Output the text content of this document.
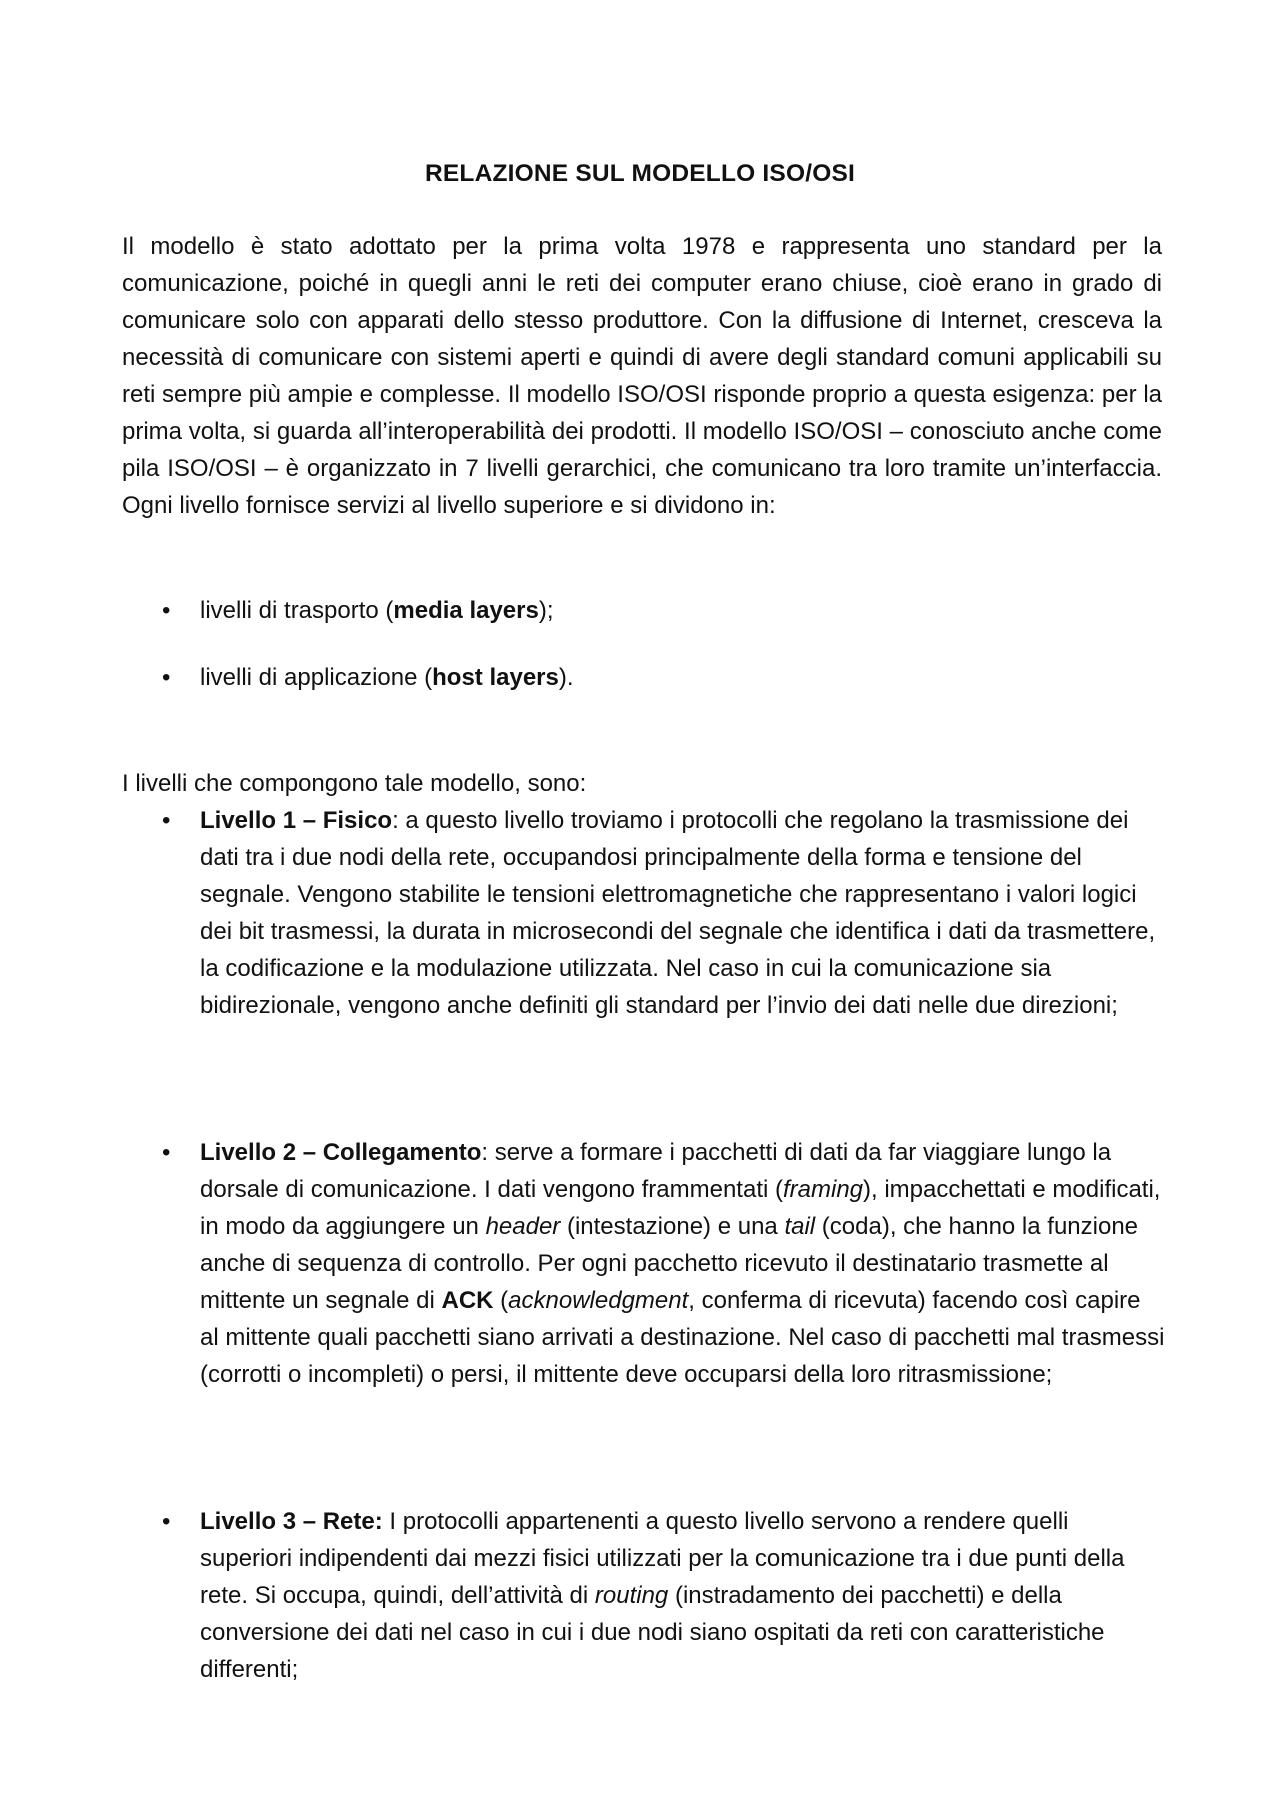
RELAZIONE SUL MODELLO ISO/OSI

Il modello è stato adottato per la prima volta 1978 e rappresenta uno standard per la comunicazione, poiché in quegli anni le reti dei computer erano chiuse, cioè erano in grado di comunicare solo con apparati dello stesso produttore. Con la diffusione di Internet, cresceva la necessità di comunicare con sistemi aperti e quindi di avere degli standard comuni applicabili su reti sempre più ampie e complesse. Il modello ISO/OSI risponde proprio a questa esigenza: per la prima volta, si guarda all’interoperabilità dei prodotti. Il modello ISO/OSI – conosciuto anche come pila ISO/OSI – è organizzato in 7 livelli gerarchici, che comunicano tra loro tramite un’interfaccia. Ogni livello fornisce servizi al livello superiore e si dividono in:

• livelli di trasporto (media layers);
• livelli di applicazione (host layers).
I livelli che compongono tale modello, sono:
• Livello 1 – Fisico: a questo livello troviamo i protocolli che regolano la trasmissione dei dati tra i due nodi della rete, occupandosi principalmente della forma e tensione del segnale. Vengono stabilite le tensioni elettromagnetiche che rappresentano i valori logici dei bit trasmessi, la durata in microsecondi del segnale che identifica i dati da trasmettere, la codificazione e la modulazione utilizzata. Nel caso in cui la comunicazione sia bidirezionale, vengono anche definiti gli standard per l’invio dei dati nelle due direzioni;
• Livello 2 – Collegamento: serve a formare i pacchetti di dati da far viaggiare lungo la dorsale di comunicazione. I dati vengono frammentati (framing), impacchettati e modificati, in modo da aggiungere un header (intestazione) e una tail (coda), che hanno la funzione anche di sequenza di controllo. Per ogni pacchetto ricevuto il destinatario trasmette al mittente un segnale di ACK (acknowledgment, conferma di ricevuta) facendo così capire al mittente quali pacchetti siano arrivati a destinazione. Nel caso di pacchetti mal trasmessi (corrotti o incompleti) o persi, il mittente deve occuparsi della loro ritrasmissione;
• Livello 3 – Rete: I protocolli appartenenti a questo livello servono a rendere quelli superiori indipendenti dai mezzi fisici utilizzati per la comunicazione tra i due punti della rete. Si occupa, quindi, dell’attività di routing (instradamento dei pacchetti) e della conversione dei dati nel caso in cui i due nodi siano ospitati da reti con caratteristiche differenti;
